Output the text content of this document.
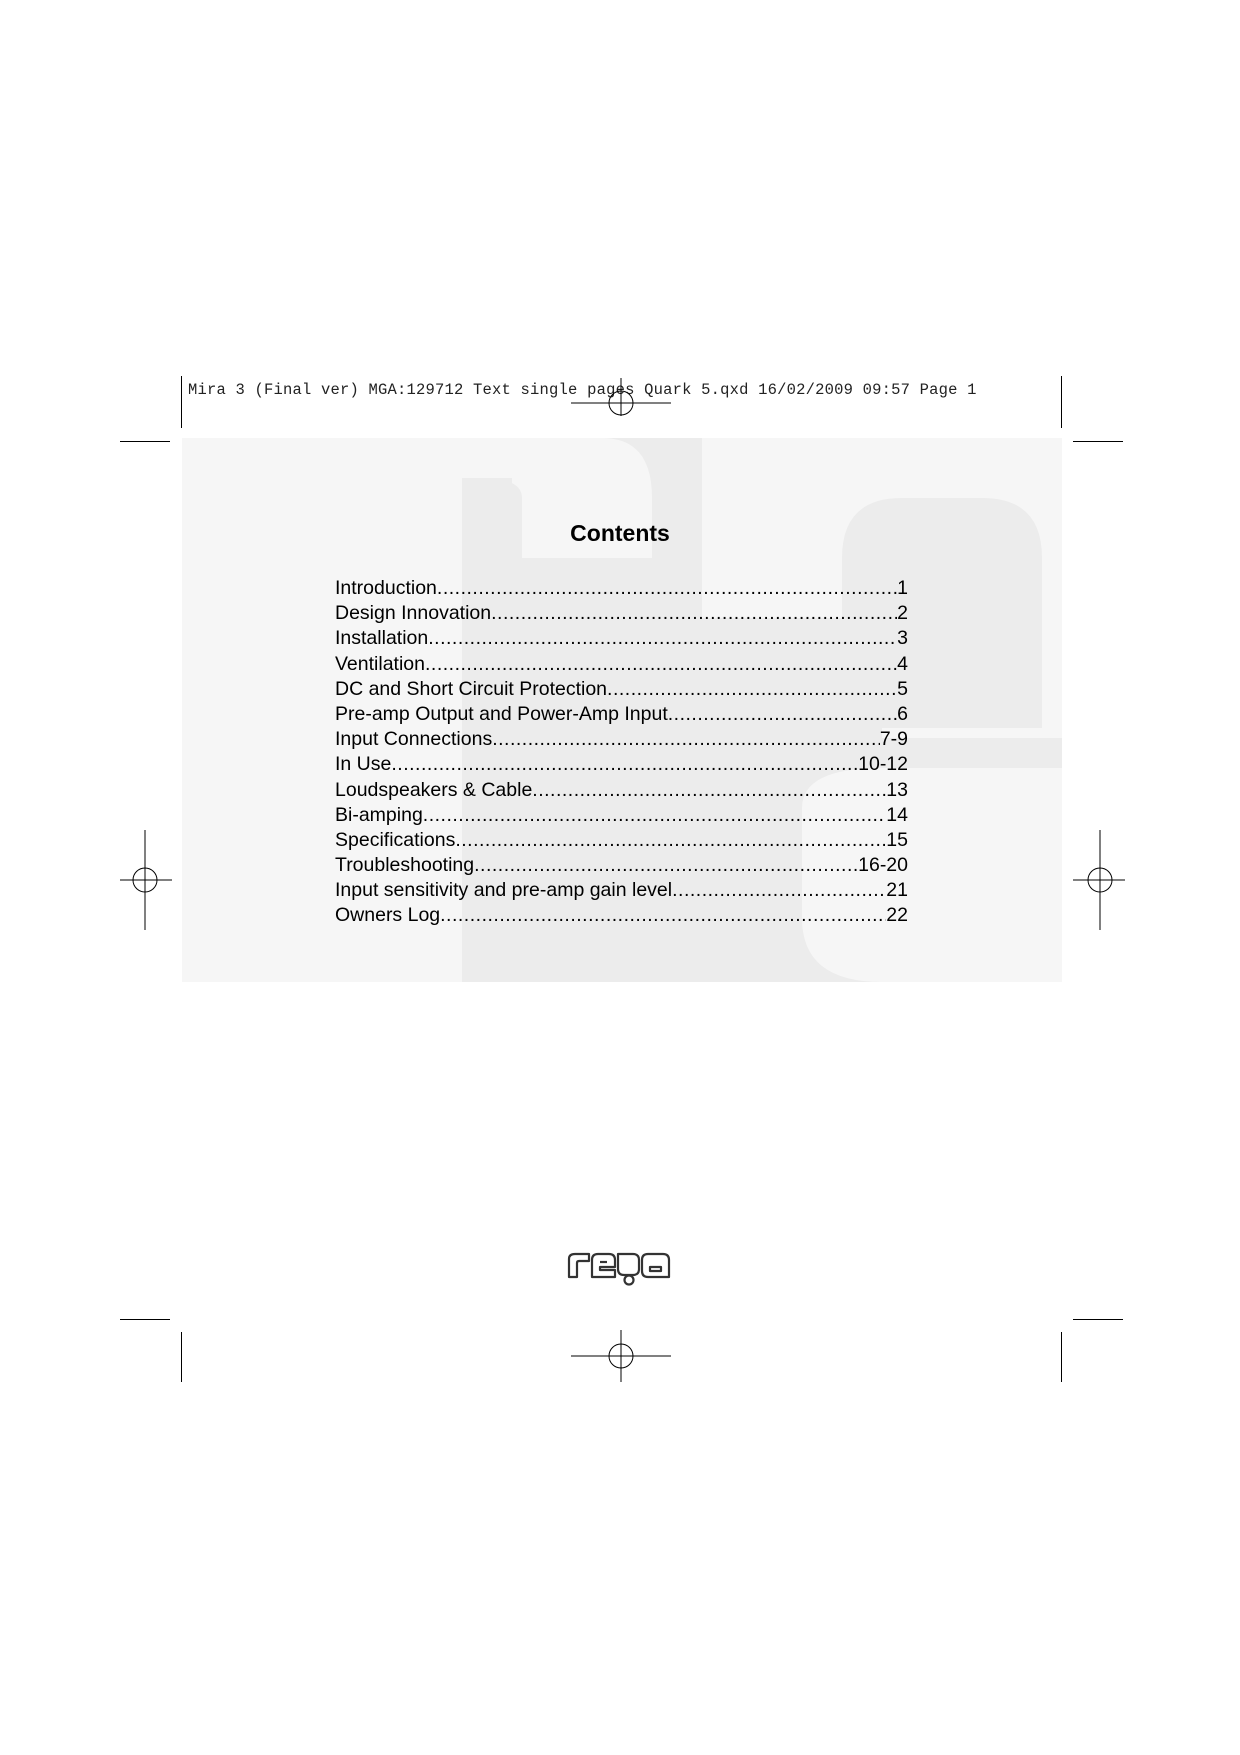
Mira 3 (Final ver) MGA:129712 Text single pages Quark 5.qxd 16/02/2009 09:57 Page 1
Contents
Introduction .....	1
Design Innovation .....	2
Installation .....	3
Ventilation .....	4
DC and Short Circuit Protection .....	5
Pre-amp Output and Power-Amp Input .....	6
Input Connections .....	7-9
In Use .....	10-12
Loudspeakers & Cable .....	13
Bi-amping .....	14
Specifications .....	15
Troubleshooting .....	16-20
Input sensitivity and pre-amp gain level .....	21
Owners Log .....	22
